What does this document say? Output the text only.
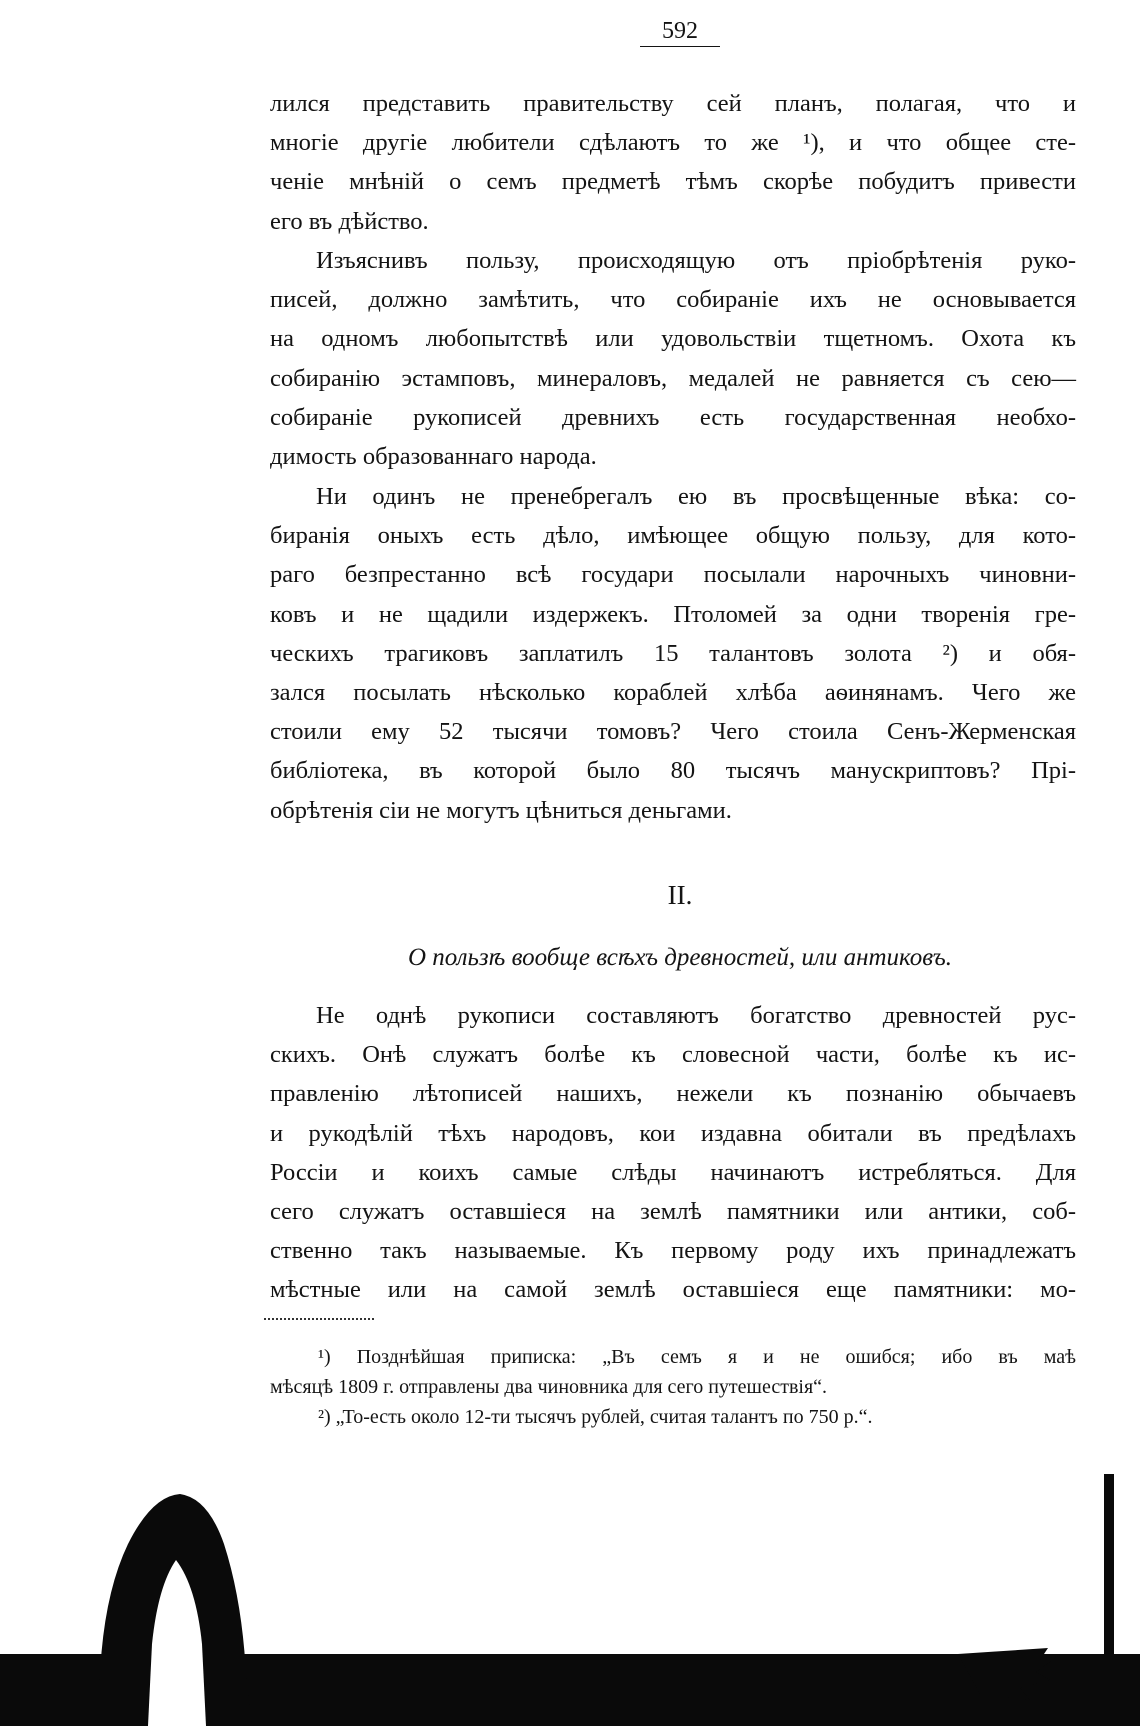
592
лился представить правительству сей планъ, полагая, что и
многіе другіе любители сдѣлаютъ то же ¹), и что общее сте-
ченіе мнѣній о семъ предметѣ тѣмъ скорѣе побудитъ привести
его въ дѣйство.
Изъяснивъ пользу, происходящую отъ пріобрѣтенія руко-
писей, должно замѣтить, что собираніе ихъ не основывается
на одномъ любопытствѣ или удовольствіи тщетномъ. Охота къ
собиранію эстамповъ, минераловъ, медалей не равняется съ сею—
собираніе рукописей древнихъ есть государственная необхо-
димость образованнаго народа.
Ни одинъ не пренебрегалъ ею въ просвѣщенные вѣка: со-
биранія оныхъ есть дѣло, имѣющее общую пользу, для кото-
раго безпрестанно всѣ государи посылали нарочныхъ чиновни-
ковъ и не щадили издержекъ. Птоломей за одни творенія гре-
ческихъ трагиковъ заплатилъ 15 талантовъ золота ²) и обя-
зался посылать нѣсколько кораблей хлѣба аѳинянамъ. Чего же
стоили ему 52 тысячи томовъ? Чего стоила Сенъ-Жерменская
библіотека, въ которой было 80 тысячъ манускриптовъ? Прі-
обрѣтенія сіи не могутъ цѣниться деньгами.
II.
О пользѣ вообще всѣхъ древностей, или антиковъ.
Не однѣ рукописи составляютъ богатство древностей рус-
скихъ. Онѣ служатъ болѣе къ словесной части, болѣе къ ис-
правленію лѣтописей нашихъ, нежели къ познанію обычаевъ
и рукодѣлій тѣхъ народовъ, кои издавна обитали въ предѣлахъ
Россіи и коихъ самые слѣды начинаютъ истребляться. Для
сего служатъ оставшіеся на землѣ памятники или антики, соб-
ственно такъ называемые. Къ первому роду ихъ принадлежатъ
мѣстные или на самой землѣ оставшіеся еще памятники: мо-
¹) Позднѣйшая приписка: „Въ семъ я и не ошибся; ибо въ маѣ
мѣсяцѣ 1809 г. отправлены два чиновника для сего путешествія“.
²) „То-есть около 12-ти тысячъ рублей, считая талантъ по 750 р.“.
